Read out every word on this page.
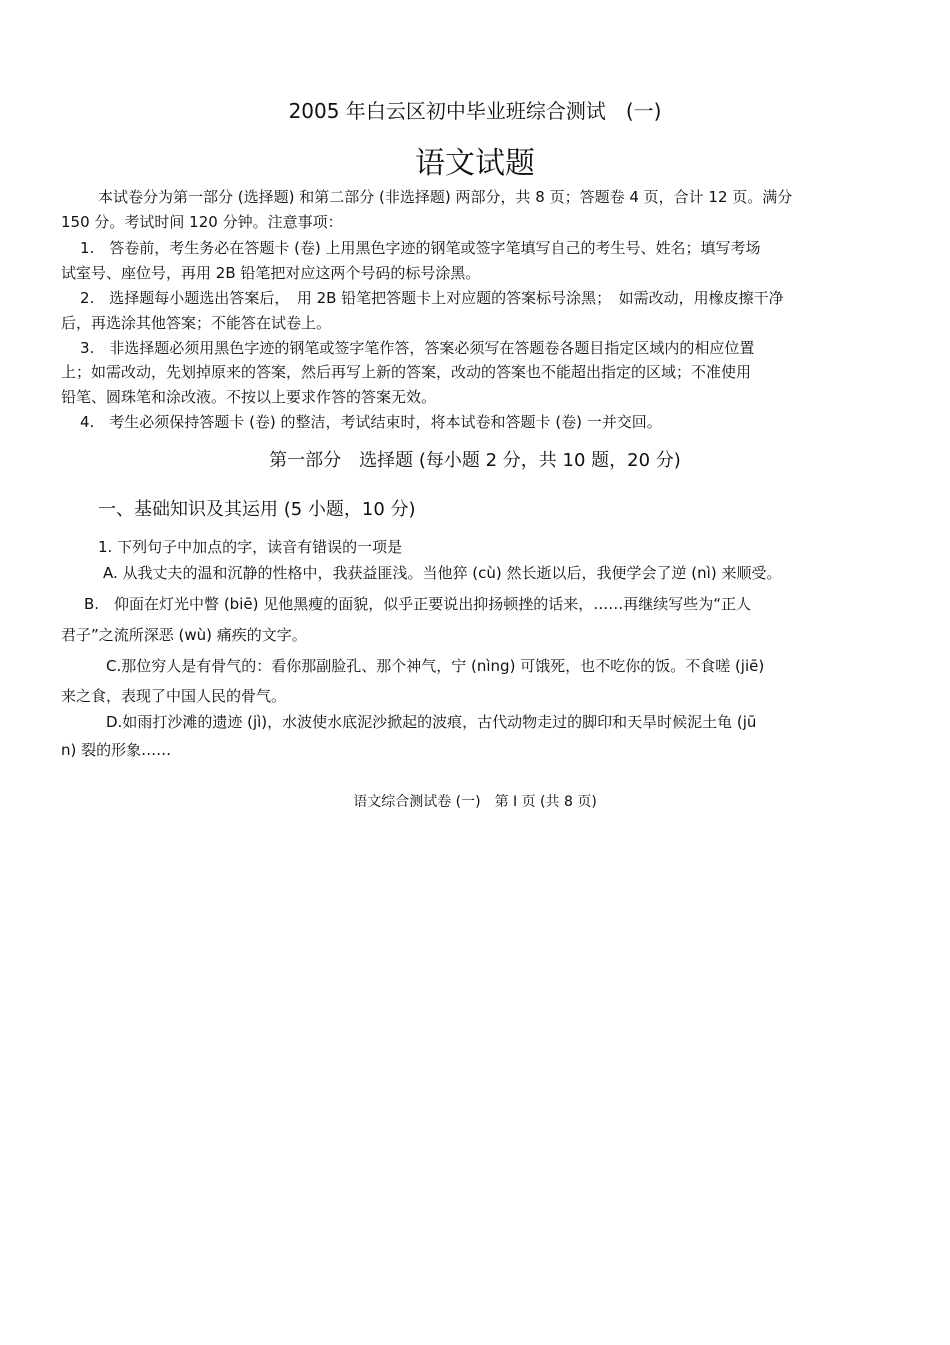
2005 年白云区初中毕业班综合测试　(一)
语文试题
本试卷分为第一部分 (选择题) 和第二部分 (非选择题) 两部分，共 8 页；答题卷 4 页，合计 12 页。满分
150 分。考试时间 120 分钟。注意事项：
1.　答卷前，考生务必在答题卡 (卷) 上用黑色字迹的钢笔或签字笔填写自己的考生号、姓名；填写考场
试室号、座位号，再用 2B 铅笔把对应这两个号码的标号涂黑。
2.　选择题每小题选出答案后，　用 2B 铅笔把答题卡上对应题的答案标号涂黑；　如需改动，用橡皮擦干净
后，再选涂其他答案；不能答在试卷上。
3.　非选择题必须用黑色字迹的钢笔或签字笔作答，答案必须写在答题卷各题目指定区域内的相应位置
上；如需改动，先划掉原来的答案，然后再写上新的答案，改动的答案也不能超出指定的区域；不准使用
铅笔、圆珠笔和涂改液。不按以上要求作答的答案无效。
4.　考生必须保持答题卡 (卷) 的整洁，考试结束时，将本试卷和答题卡 (卷) 一并交回。
第一部分　选择题 (每小题 2 分，共 10 题，20 分)
一、基础知识及其运用 (5 小题，10 分)
1. 下列句子中加点的字，读音有错误的一项是
A. 从我丈夫的温和沉静的性格中，我获益匪浅。当他猝 (cù) 然长逝以后，我便学会了逆 (nì) 来顺受。
B.　仰面在灯光中瞥 (biē) 见他黑瘦的面貌，似乎正要说出抑扬顿挫的话来，……再继续写些为“正人
君子”之流所深恶 (wù) 痛疾的文字。
C.那位穷人是有骨气的：看你那副脸孔、那个神气，宁 (nìng) 可饿死，也不吃你的饭。不食嗟 (jiē)
来之食，表现了中国人民的骨气。
D.如雨打沙滩的遗迹 (jì)，水波使水底泥沙掀起的波痕，古代动物走过的脚印和天旱时候泥土龟 (jū
n) 裂的形象……
语文综合测试卷 (一)　第 I 页 (共 8 页)
